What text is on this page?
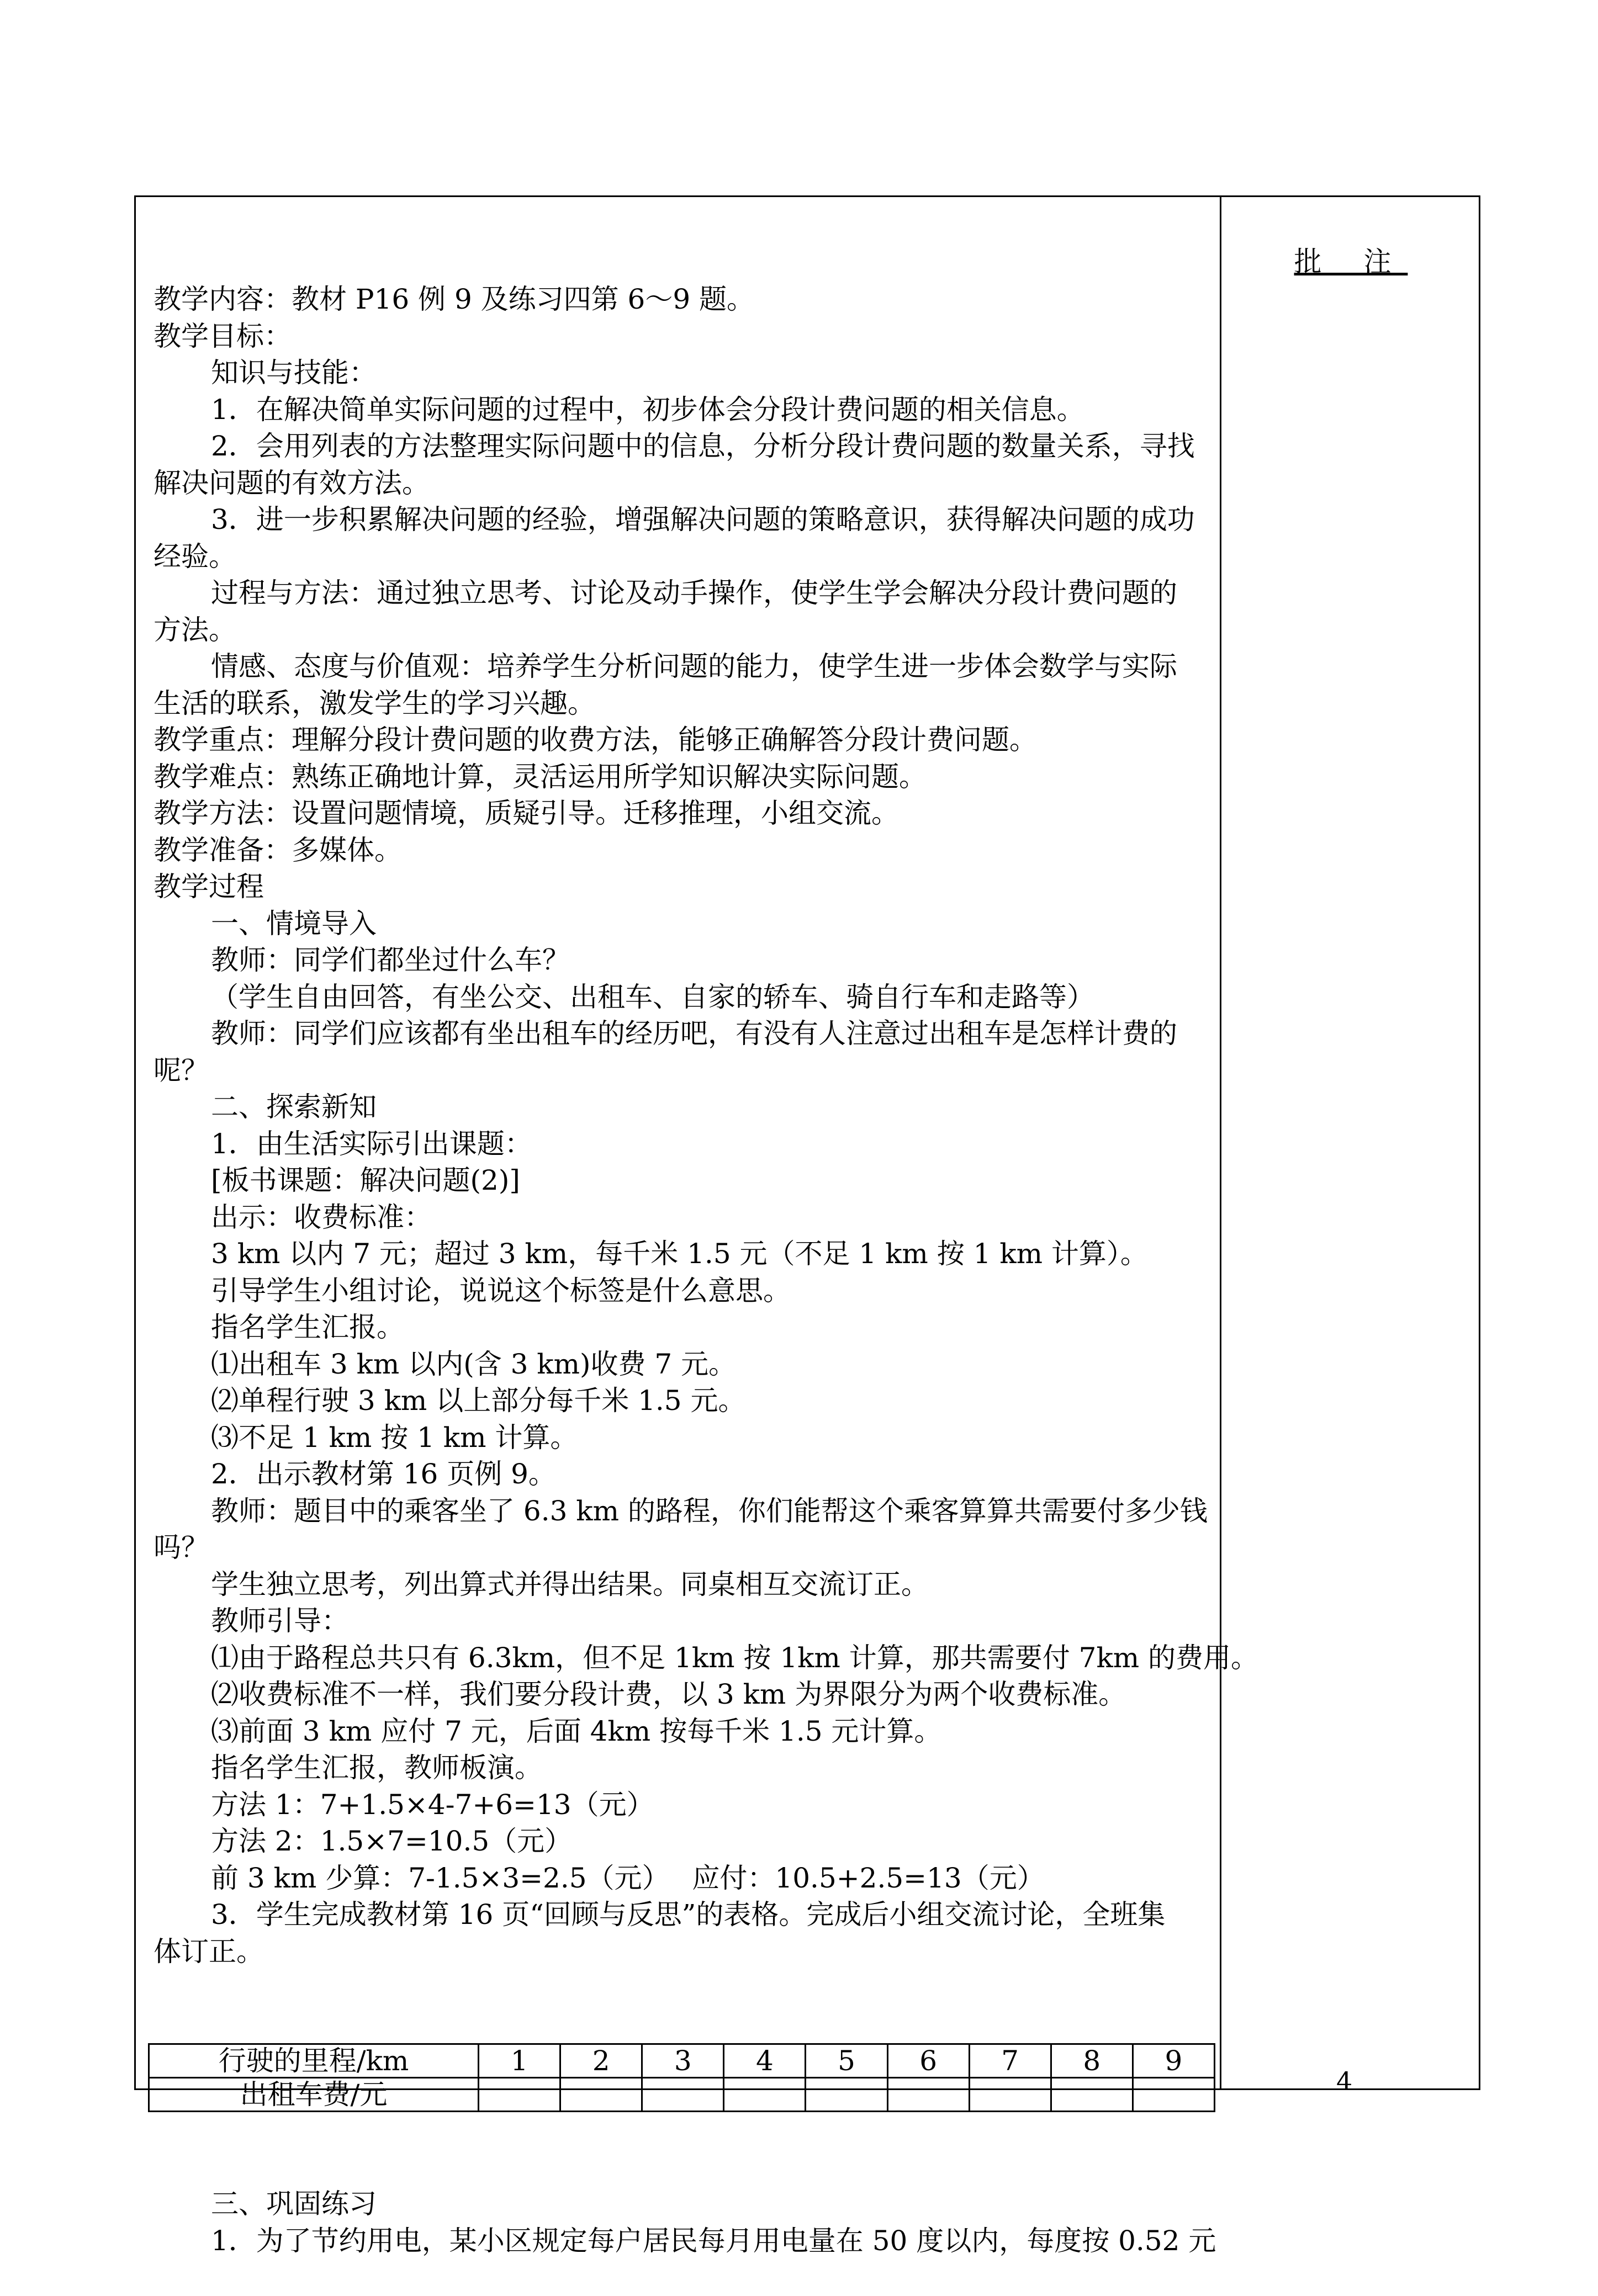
批 注

教学内容：教材 P16 例 9 及练习四第 6～9 题。
教学目标：
知识与技能：
1．在解决简单实际问题的过程中，初步体会分段计费问题的相关信息。
2．会用列表的方法整理实际问题中的信息，分析分段计费问题的数量关系，寻找
解决问题的有效方法。
3．进一步积累解决问题的经验，增强解决问题的策略意识，获得解决问题的成功
经验。
过程与方法：通过独立思考、讨论及动手操作，使学生学会解决分段计费问题的
方法。
情感、态度与价值观：培养学生分析问题的能力，使学生进一步体会数学与实际
生活的联系，激发学生的学习兴趣。
教学重点：理解分段计费问题的收费方法，能够正确解答分段计费问题。
教学难点：熟练正确地计算，灵活运用所学知识解决实际问题。
教学方法：设置问题情境，质疑引导。迁移推理，小组交流。
教学准备：多媒体。
教学过程
一、情境导入
教师：同学们都坐过什么车？
（学生自由回答，有坐公交、出租车、自家的轿车、骑自行车和走路等）
教师：同学们应该都有坐出租车的经历吧，有没有人注意过出租车是怎样计费的
呢？
二、探索新知
1．由生活实际引出课题：
[板书课题：解决问题(2)]
出示：收费标准：
3 km 以内 7 元；超过 3 km，每千米 1.5 元（不足 1 km 按 1 km 计算）。
引导学生小组讨论，说说这个标签是什么意思。
指名学生汇报。
⑴出租车 3 km 以内(含 3 km)收费 7 元。
⑵单程行驶 3 km 以上部分每千米 1.5 元。
⑶不足 1 km 按 1 km 计算。
2．出示教材第 16 页例 9。
教师：题目中的乘客坐了 6.3 km 的路程，你们能帮这个乘客算算共需要付多少钱
吗？
学生独立思考，列出算式并得出结果。同桌相互交流订正。
教师引导：
⑴由于路程总共只有 6.3km，但不足 1km 按 1km 计算，那共需要付 7km 的费用。
⑵收费标准不一样，我们要分段计费，以 3 km 为界限分为两个收费标准。
⑶前面 3 km 应付 7 元，后面 4km 按每千米 1.5 元计算。
指名学生汇报，教师板演。
方法 1：7+1.5×4-7+6=13（元）
方法 2：1.5×7=10.5（元）
前 3 km 少算：7-1.5×3=2.5（元）　 应付：10.5+2.5=13（元）
3．学生完成教材第 16 页“回顾与反思”的表格。完成后小组交流讨论，全班集
体订正。

行驶的里程/km	1	2	3	4	5	6	7	8	9
出租车费/元									

三、巩固练习
1．为了节约用电，某小区规定每户居民每月用电量在 50 度以内，每度按 0.52 元

4
